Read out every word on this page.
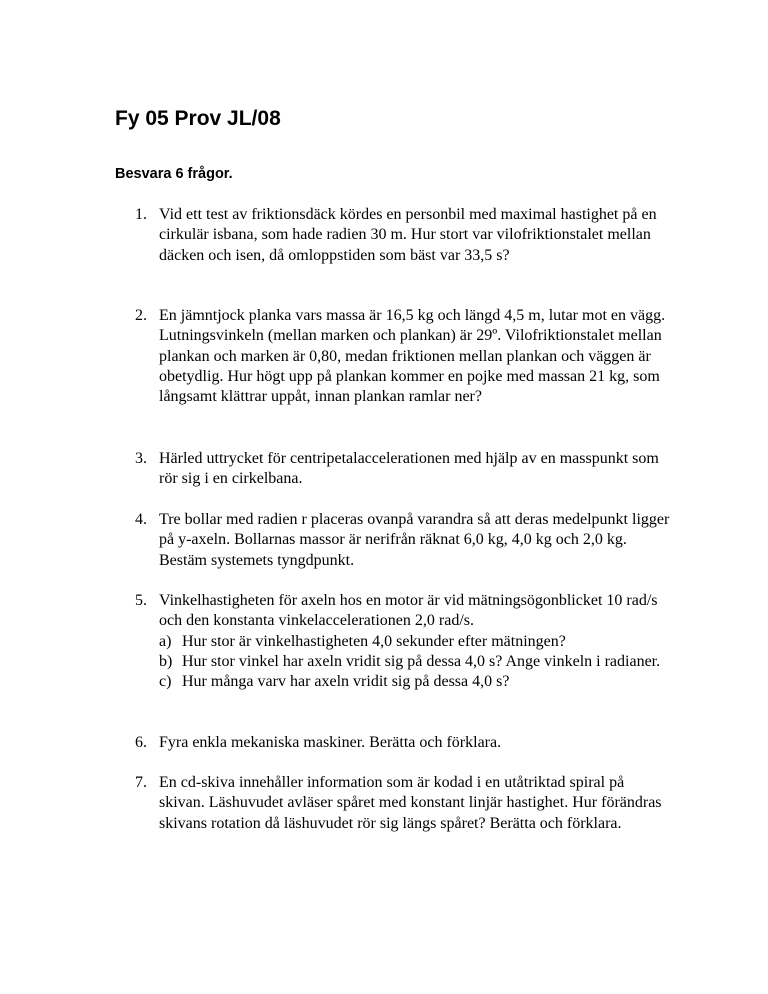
Fy 05 Prov JL/08

Besvara 6 frågor.

1. Vid ett test av friktionsdäck kördes en personbil med maximal hastighet på en cirkulär isbana, som hade radien 30 m. Hur stort var vilofriktionstalet mellan däcken och isen, då omloppstiden som bäst var 33,5 s?
2. En jämntjock planka vars massa är 16,5 kg och längd 4,5 m, lutar mot en vägg. Lutningsvinkeln (mellan marken och plankan) är 29º. Vilofriktionstalet mellan plankan och marken är 0,80, medan friktionen mellan plankan och väggen är obetydlig. Hur högt upp på plankan kommer en pojke med massan 21 kg, som långsamt klättrar uppåt, innan plankan ramlar ner?
3. Härled uttrycket för centripetalaccelerationen med hjälp av en masspunkt som rör sig i en cirkelbana.
4. Tre bollar med radien r placeras ovanpå varandra så att deras medelpunkt ligger på y-axeln. Bollarnas massor är nerifrån räknat 6,0 kg, 4,0 kg och 2,0 kg. Bestäm systemets tyngdpunkt.
5. Vinkelhastigheten för axeln hos en motor är vid mätningsögonblicket 10 rad/s och den konstanta vinkelaccelerationen 2,0 rad/s.
a) Hur stor är vinkelhastigheten 4,0 sekunder efter mätningen?
b) Hur stor vinkel har axeln vridit sig på dessa 4,0 s? Ange vinkeln i radianer.
c) Hur många varv har axeln vridit sig på dessa 4,0 s?
6. Fyra enkla mekaniska maskiner. Berätta och förklara.
7. En cd-skiva innehåller information som är kodad i en utåtriktad spiral på skivan. Läshuvudet avläser spåret med konstant linjär hastighet. Hur förändras skivans rotation då läshuvudet rör sig längs spåret? Berätta och förklara.
